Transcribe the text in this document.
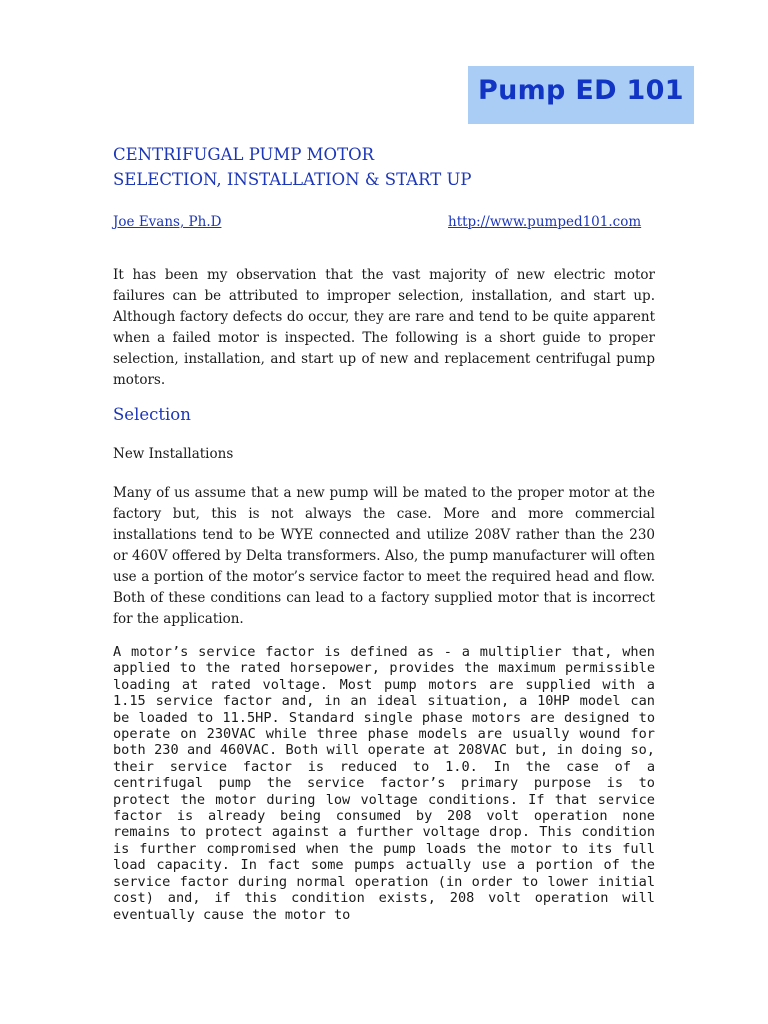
Pump ED 101
CENTRIFUGAL PUMP MOTOR
SELECTION, INSTALLATION & START UP
Joe Evans, Ph.D	http://www.pumped101.com

It has been my observation that the vast majority of new electric motor failures can be attributed to improper selection, installation, and start up. Although factory defects do occur, they are rare and tend to be quite apparent when a failed motor is inspected. The following is a short guide to proper selection, installation, and start up of new and replacement centrifugal pump motors.

Selection
New Installations

Many of us assume that a new pump will be mated to the proper motor at the factory but, this is not always the case. More and more commercial installations tend to be WYE connected and utilize 208V rather than the 230 or 460V offered by Delta transformers. Also, the pump manufacturer will often use a portion of the motor’s service factor to meet the required head and flow. Both of these conditions can lead to a factory supplied motor that is incorrect for the application.

A motor’s service factor is defined as - a multiplier that, when applied to the rated horsepower, provides the maximum permissible loading at rated voltage. Most pump motors are supplied with a 1.15 service factor and, in an ideal situation, a 10HP model can be loaded to 11.5HP. Standard single phase motors are designed to operate on 230VAC while three phase models are usually wound for both 230 and 460VAC. Both will operate at 208VAC but, in doing so, their service factor is reduced to 1.0. In the case of a centrifugal pump the service factor’s primary purpose is to protect the motor during low voltage conditions. If that service factor is already being consumed by 208 volt operation none remains to protect against a further voltage drop. This condition is further compromised when the pump loads the motor to its full load capacity. In fact some pumps actually use a portion of the service factor during normal operation (in order to lower initial cost) and, if this condition exists, 208 volt operation will eventually cause the motor to
